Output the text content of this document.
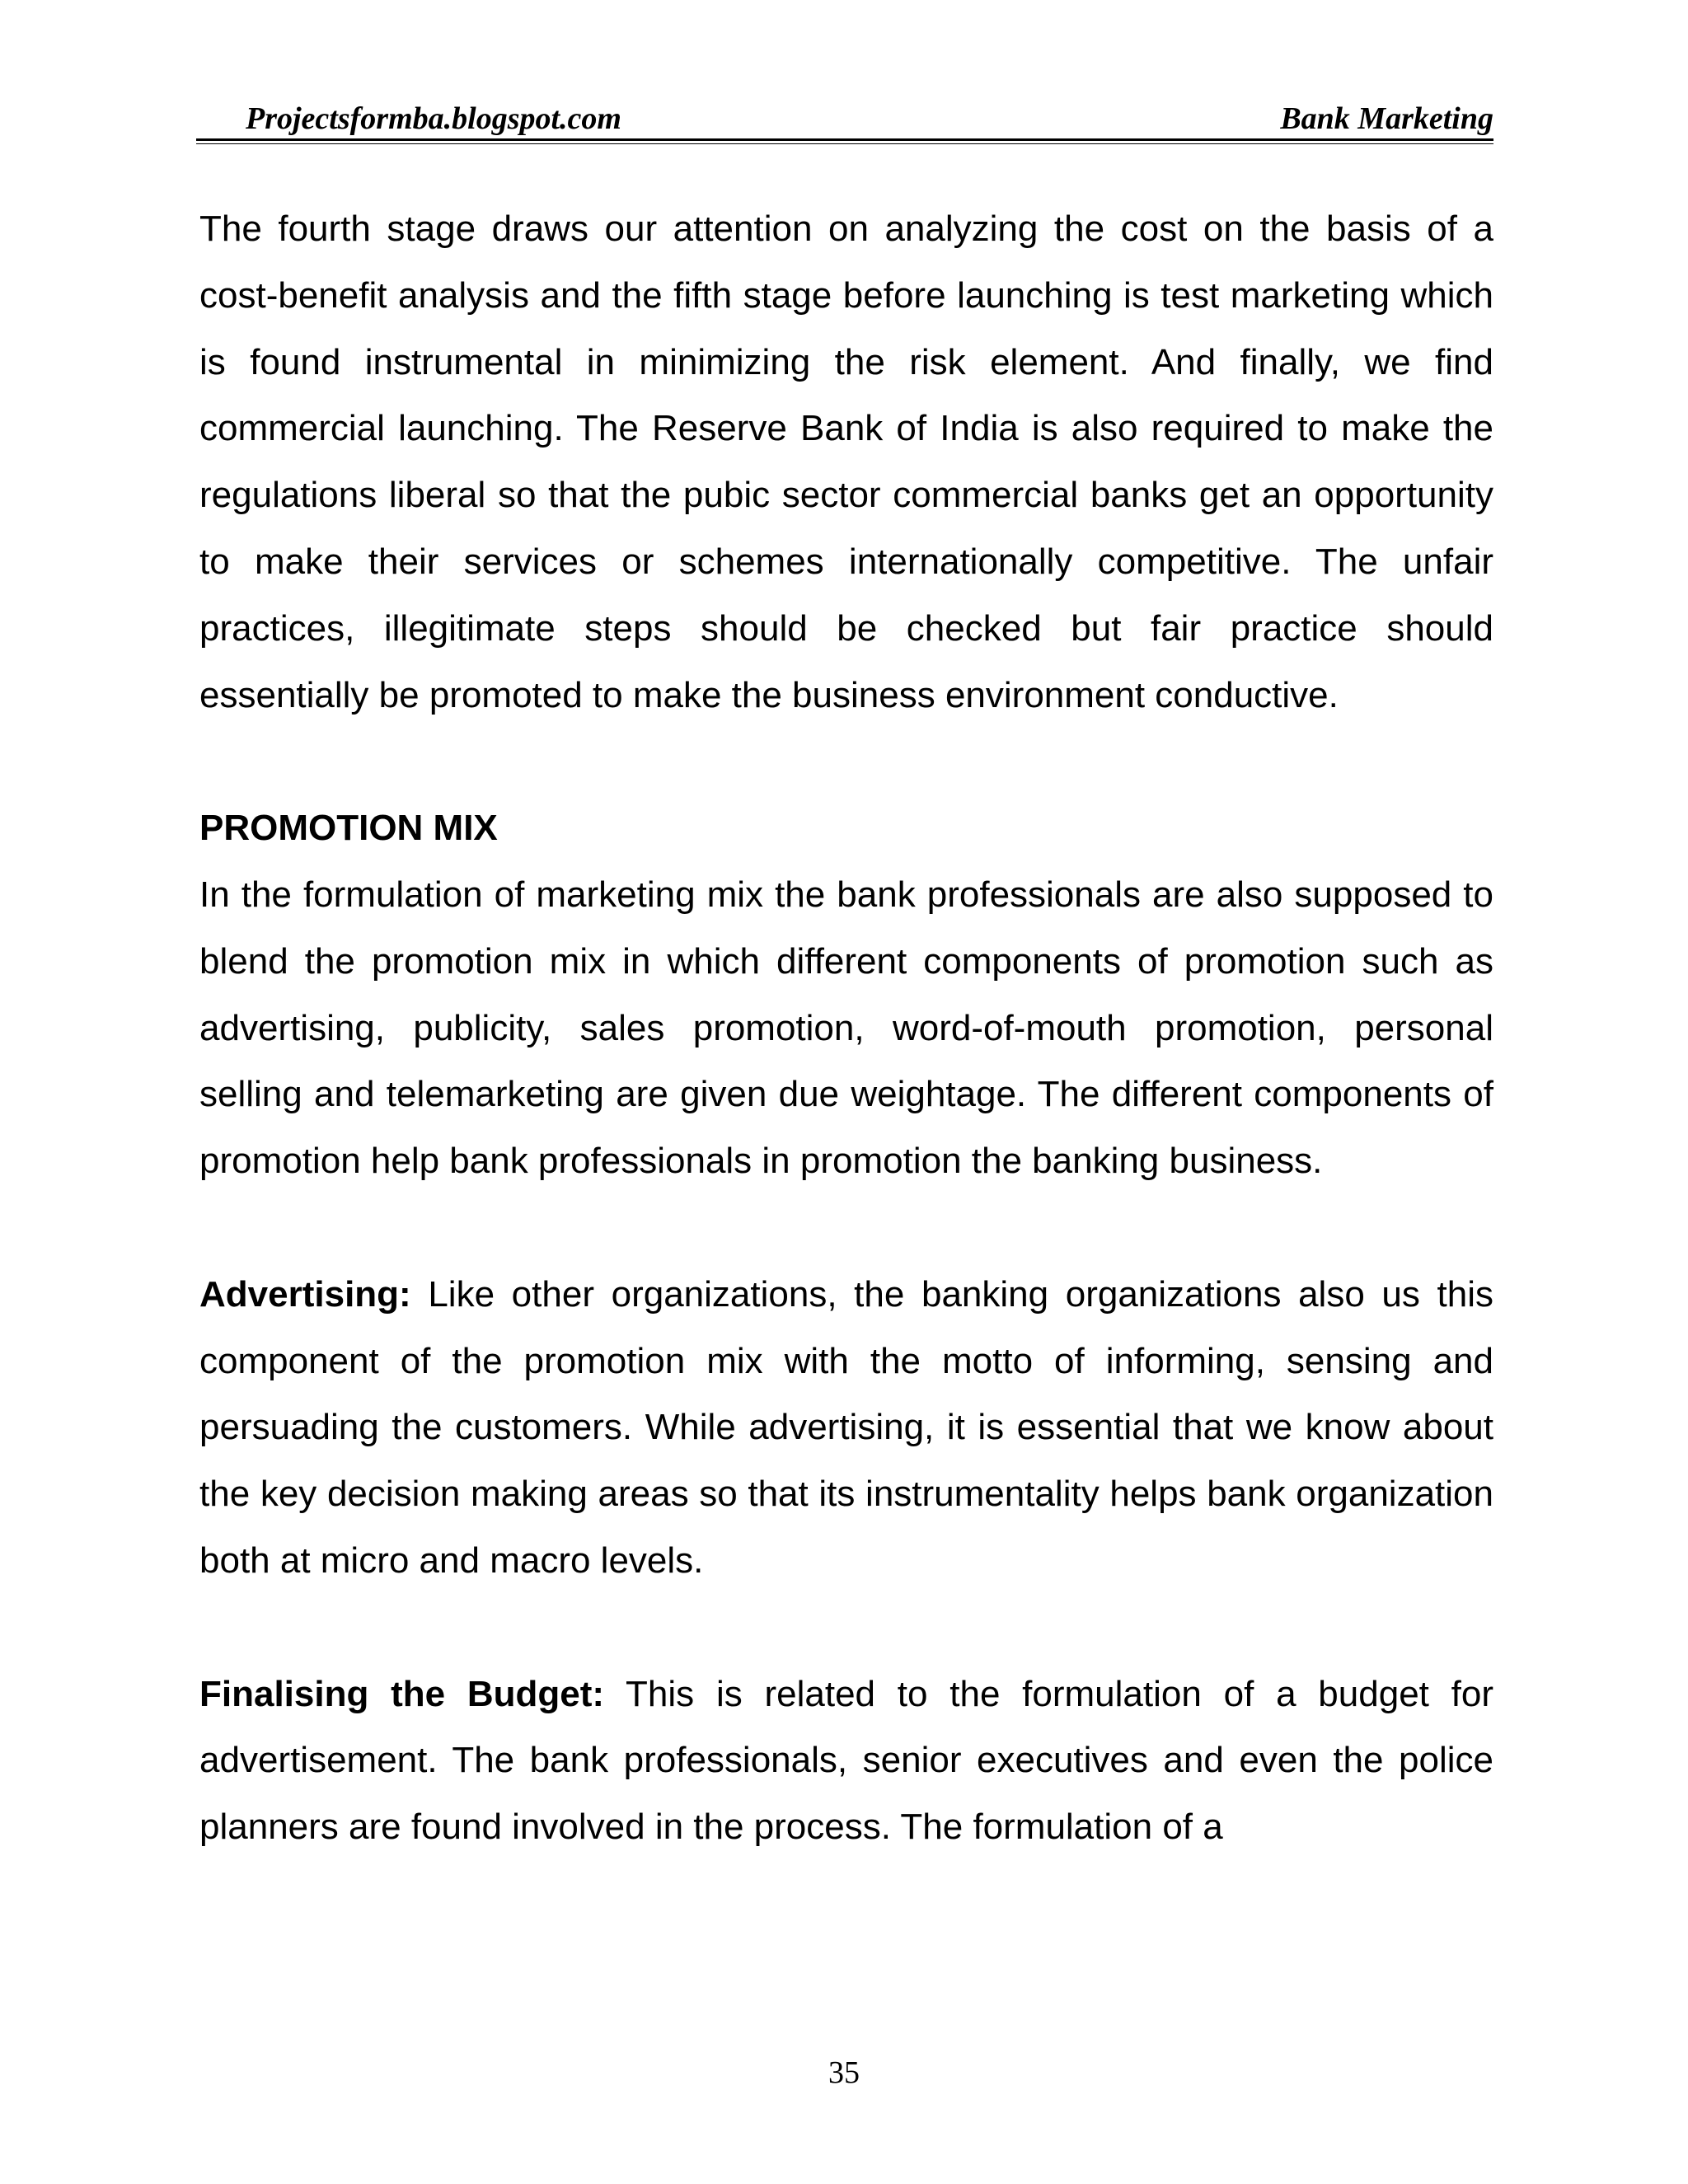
Projectsformba.blogspot.com	Bank Marketing

The fourth stage draws our attention on analyzing the cost on the basis of a cost-benefit analysis and the fifth stage before launching is test marketing which is found instrumental in minimizing the risk element. And finally, we find commercial launching. The Reserve Bank of India is also required to make the regulations liberal so that the pubic sector commercial banks get an opportunity to make their services or schemes internationally competitive. The unfair practices, illegitimate steps should be checked but fair practice should essentially be promoted to make the business environment conductive.

PROMOTION MIX

In the formulation of marketing mix the bank professionals are also supposed to blend the promotion mix in which different components of promotion such as advertising, publicity, sales promotion, word-of-mouth promotion, personal selling and telemarketing are given due weightage. The different components of promotion help bank professionals in promotion the banking business.

Advertising: Like other organizations, the banking organizations also us this component of the promotion mix with the motto of informing, sensing and persuading the customers. While advertising, it is essential that we know about the key decision making areas so that its instrumentality helps bank organization both at micro and macro levels.

Finalising the Budget: This is related to the formulation of a budget for advertisement. The bank professionals, senior executives and even the police planners are found involved in the process. The formulation of a

35
